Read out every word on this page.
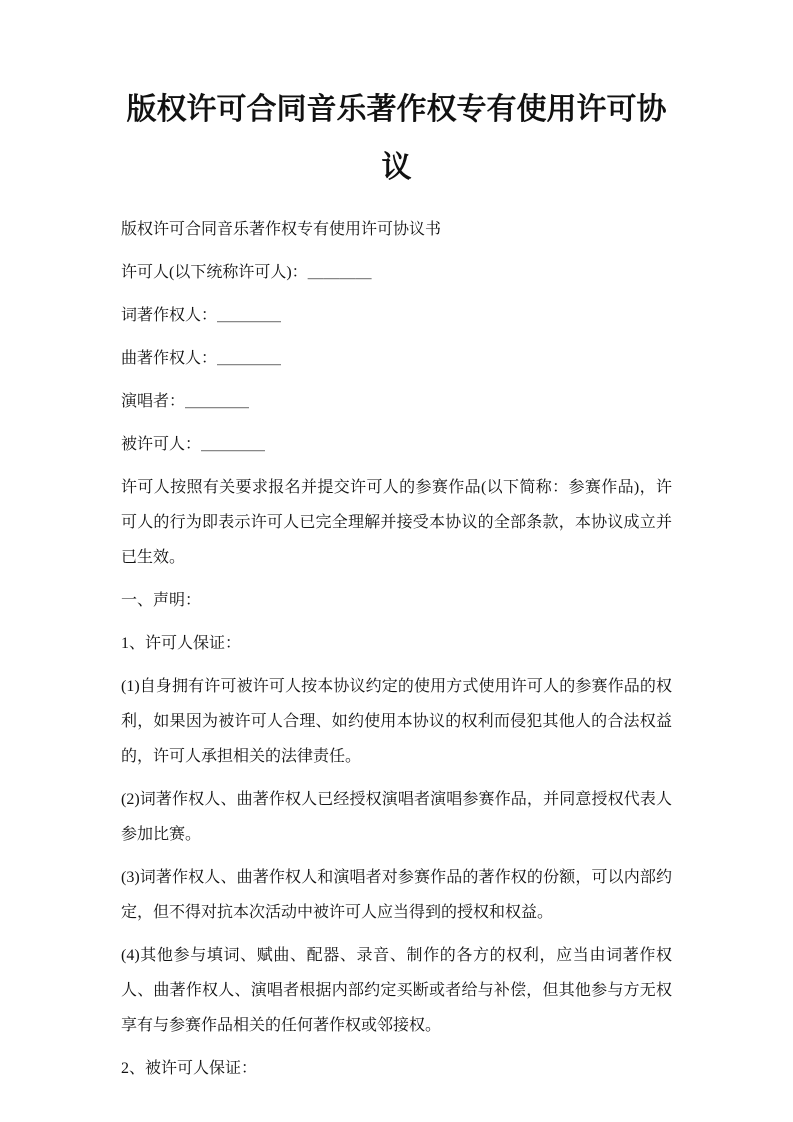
版权许可合同音乐著作权专有使用许可协议

版权许可合同音乐著作权专有使用许可协议书

许可人(以下统称许可人)：＿＿＿＿

词著作权人：＿＿＿＿

曲著作权人：＿＿＿＿

演唱者：＿＿＿＿

被许可人：＿＿＿＿

许可人按照有关要求报名并提交许可人的参赛作品(以下简称：参赛作品)，许可人的行为即表示许可人已完全理解并接受本协议的全部条款，本协议成立并已生效。

一、声明：

1、许可人保证：

(1)自身拥有许可被许可人按本协议约定的使用方式使用许可人的参赛作品的权利，如果因为被许可人合理、如约使用本协议的权利而侵犯其他人的合法权益的，许可人承担相关的法律责任。

(2)词著作权人、曲著作权人已经授权演唱者演唱参赛作品，并同意授权代表人参加比赛。

(3)词著作权人、曲著作权人和演唱者对参赛作品的著作权的份额，可以内部约定，但不得对抗本次活动中被许可人应当得到的授权和权益。

(4)其他参与填词、赋曲、配器、录音、制作的各方的权利，应当由词著作权人、曲著作权人、演唱者根据内部约定买断或者给与补偿，但其他参与方无权享有与参赛作品相关的任何著作权或邻接权。

2、被许可人保证：
